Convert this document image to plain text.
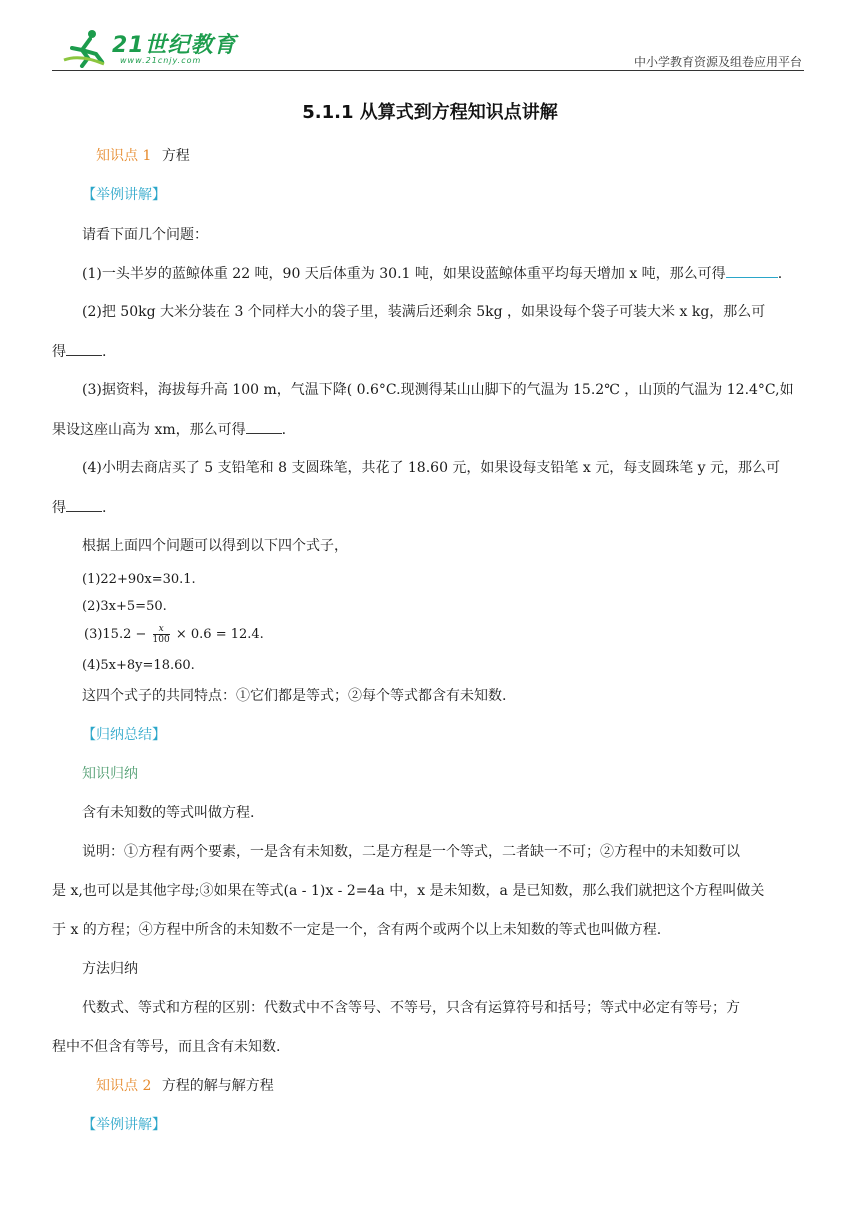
21世纪教育
www.21cnjy.com	中小学教育资源及组卷应用平台
5.1.1 从算式到方程知识点讲解
知识点 1 方程
【举例讲解】
请看下面几个问题：
(1)一头半岁的蓝鲸体重 22 吨，90 天后体重为 30.1 吨，如果设蓝鲸体重平均每天增加 x 吨，那么可得	.
(2)把 50kg 大米分装在 3 个同样大小的袋子里，装满后还剩余 5kg ，如果设每个袋子可装大米 x kg，那么可
得	.
(3)据资料，海拔每升高 100 m，气温下降( 0.6°C.现测得某山山脚下的气温为 15.2℃ ，山顶的气温为 12.4°C,如
果设这座山高为 xm，那么可得	.
(4)小明去商店买了 5 支铅笔和 8 支圆珠笔，共花了 18.60 元，如果设每支铅笔 x 元，每支圆珠笔 y 元，那么可
得	.
根据上面四个问题可以得到以下四个式子，
(1)22+90x=30.1.
(2)3x+5=50.
$(3)15.2 - \frac{x}{100} \times 0.6 = 12.4$.
(4)5x+8y=18.60.
这四个式子的共同特点：①它们都是等式；②每个等式都含有未知数.
【归纳总结】
知识归纳
含有未知数的等式叫做方程.
说明：①方程有两个要素，一是含有未知数，二是方程是一个等式，二者缺一不可；②方程中的未知数可以
是 x,也可以是其他字母;③如果在等式(a - 1)x - 2=4a 中，x 是未知数，a 是已知数，那么我们就把这个方程叫做关
于 x 的方程；④方程中所含的未知数不一定是一个，含有两个或两个以上未知数的等式也叫做方程.
方法归纳
代数式、等式和方程的区别：代数式中不含等号、不等号，只含有运算符号和括号；等式中必定有等号；方
程中不但含有等号，而且含有未知数.
知识点 2 方程的解与解方程
【举例讲解】
